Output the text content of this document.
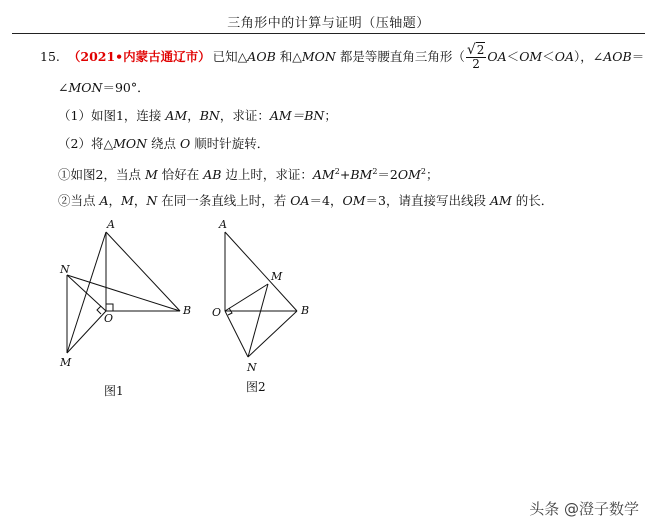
三角形中的计算与证明（压轴题）
15. （2021•内蒙古通辽市） 已知△AOB 和△MON 都是等腰直角三角形（ $\frac{√2}{2} OA<OM<OA$），∠AOB＝
∠MON＝90°．
（1）如图1，连接 AM，BN，求证：AM＝BN；
（2）将△MON 绕点 O 顺时针旋转．
①如图2，当点 M 恰好在 AB 边上时，求证：$AM^2+BM^2=2OM^2$；
②当点 A，M，N 在同一条直线上时，若 OA＝4，OM＝3，请直接写出线段 AM 的长．
A
N
O
B
M
A
M
O	B
N
图1	图2
头条 @澄子数学
